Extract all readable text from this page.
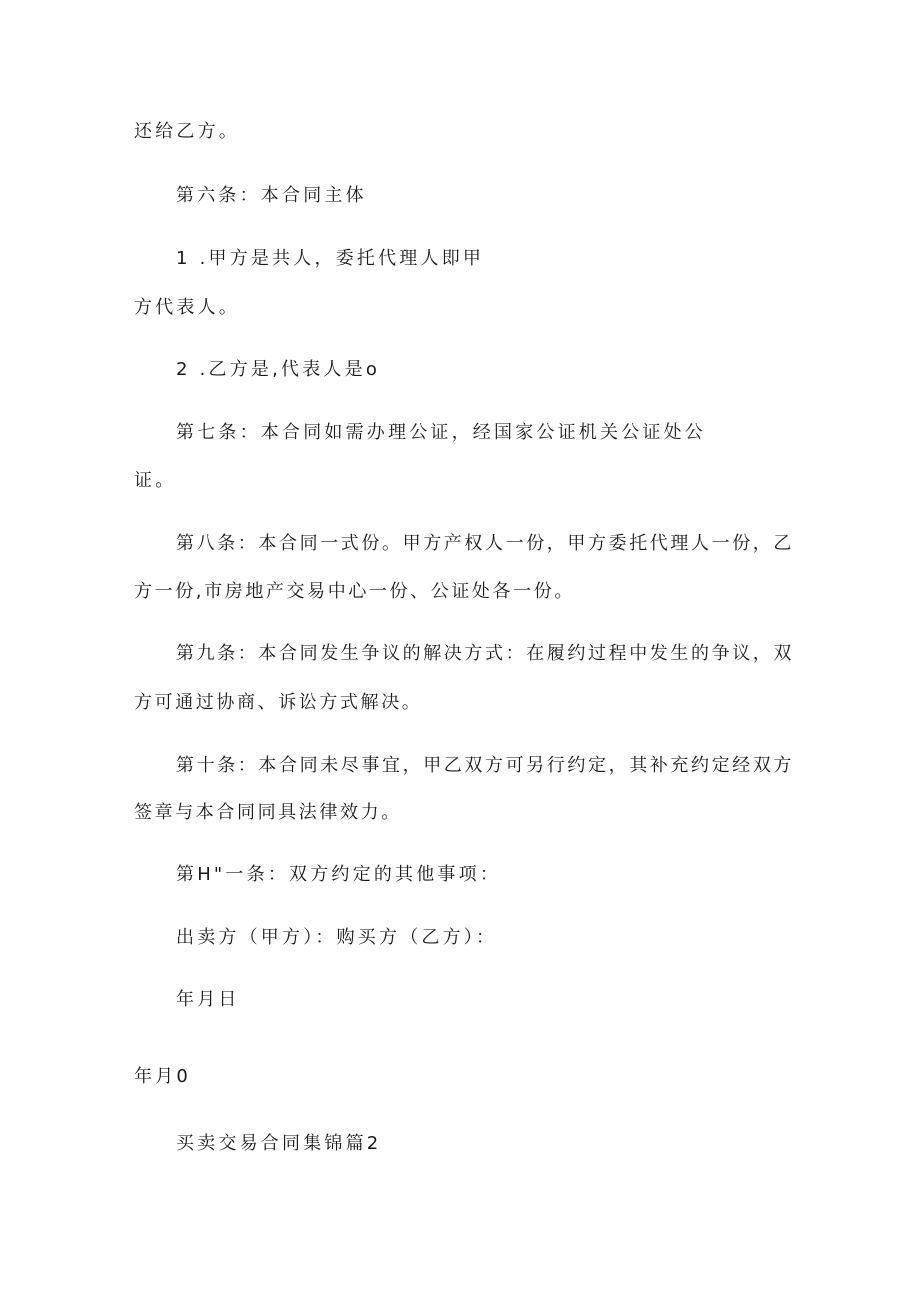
还给乙方。
第六条：本合同主体
1 .甲方是共人，委托代理人即甲
方代表人。
2 .乙方是,代表人是o
第七条：本合同如需办理公证，经国家公证机关公证处公
证。
第八条：本合同一式份。甲方产权人一份，甲方委托代理人一份，乙
方一份,市房地产交易中心一份、公证处各一份。
第九条：本合同发生争议的解决方式：在履约过程中发生的争议，双
方可通过协商、诉讼方式解决。
第十条：本合同未尽事宜，甲乙双方可另行约定，其补充约定经双方
签章与本合同同具法律效力。
第H"一条：双方约定的其他事项：
出卖方（甲方）：购买方（乙方）：
年月日
年月0
买卖交易合同集锦篇2
